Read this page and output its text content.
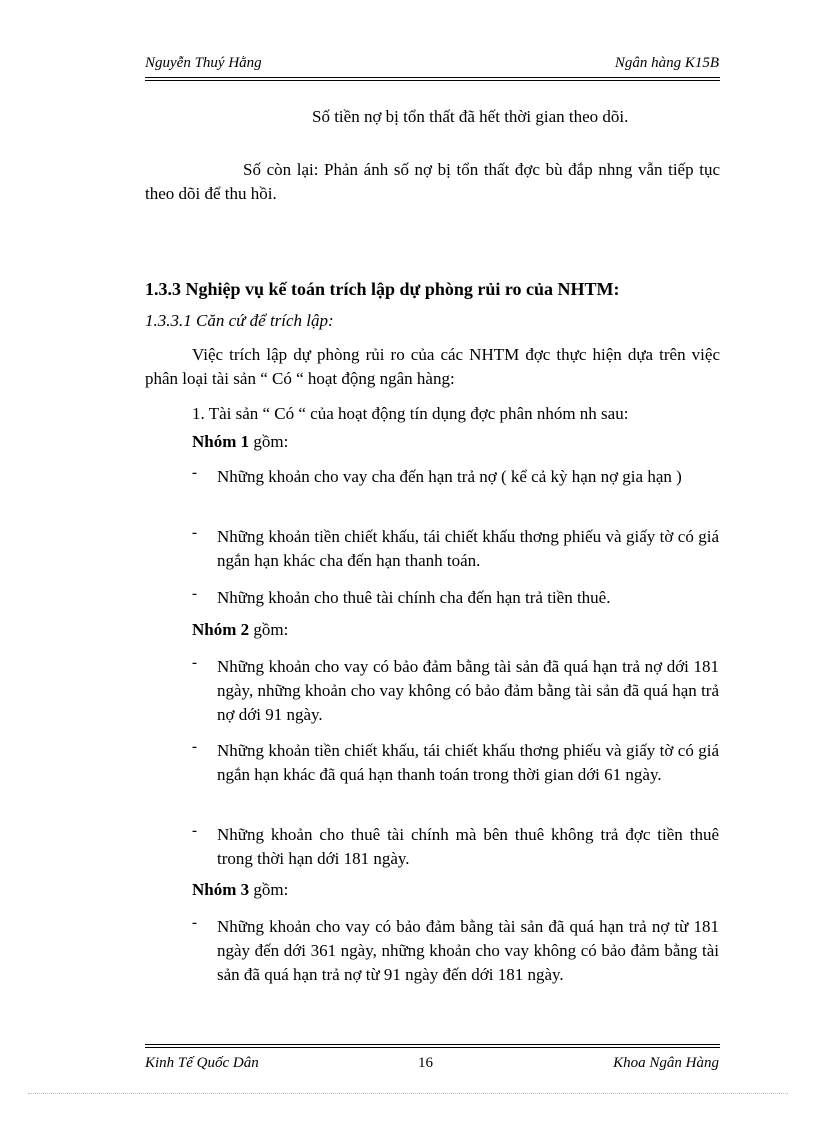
Nguyễn Thuý Hằng	Ngân hàng K15B
Số tiền nợ bị tổn thất đã hết thời gian theo dõi.
Số còn lại: Phản ánh số nợ bị tổn thất đợc bù đắp nhng vẫn tiếp tục theo dõi để thu hồi.
1.3.3 Nghiệp vụ kế toán trích lập dự phòng rủi ro của NHTM:
1.3.3.1 Căn cứ để trích lập:
Việc trích lập dự phòng rủi ro của các NHTM đợc thực hiện dựa trên việc phân loại tài sản “ Có “ hoạt động ngân hàng:
1. Tài sản “ Có “ của hoạt động tín dụng đợc phân nhóm nh sau:
Nhóm 1 gồm:
- Những khoản cho vay cha đến hạn trả nợ ( kể cả kỳ hạn nợ gia hạn )
- Những khoản tiền chiết khấu, tái chiết khấu thơng phiếu và giấy tờ có giá ngắn hạn khác cha đến hạn thanh toán.
- Những khoản cho thuê tài chính cha đến hạn trả tiền thuê.
Nhóm 2 gồm:
- Những khoản cho vay có bảo đảm bằng tài sản đã quá hạn trả nợ dới 181 ngày, những khoản cho vay không có bảo đảm bằng tài sản đã quá hạn trả nợ dới 91 ngày.
- Những khoản tiền chiết khấu, tái chiết khấu thơng phiếu và giấy tờ có giá ngắn hạn khác đã quá hạn thanh toán trong thời gian dới 61 ngày.
- Những khoản cho thuê tài chính mà bên thuê không trả đợc tiền thuê trong thời hạn dới 181 ngày.
Nhóm 3 gồm:
- Những khoản cho vay có bảo đảm bằng tài sản đã quá hạn trả nợ từ 181 ngày đến dới 361 ngày, những khoản cho vay không có bảo đảm bằng tài sản đã quá hạn trả nợ từ 91 ngày đến dới 181 ngày.
Kinh Tế Quốc Dân	16	Khoa Ngân Hàng
